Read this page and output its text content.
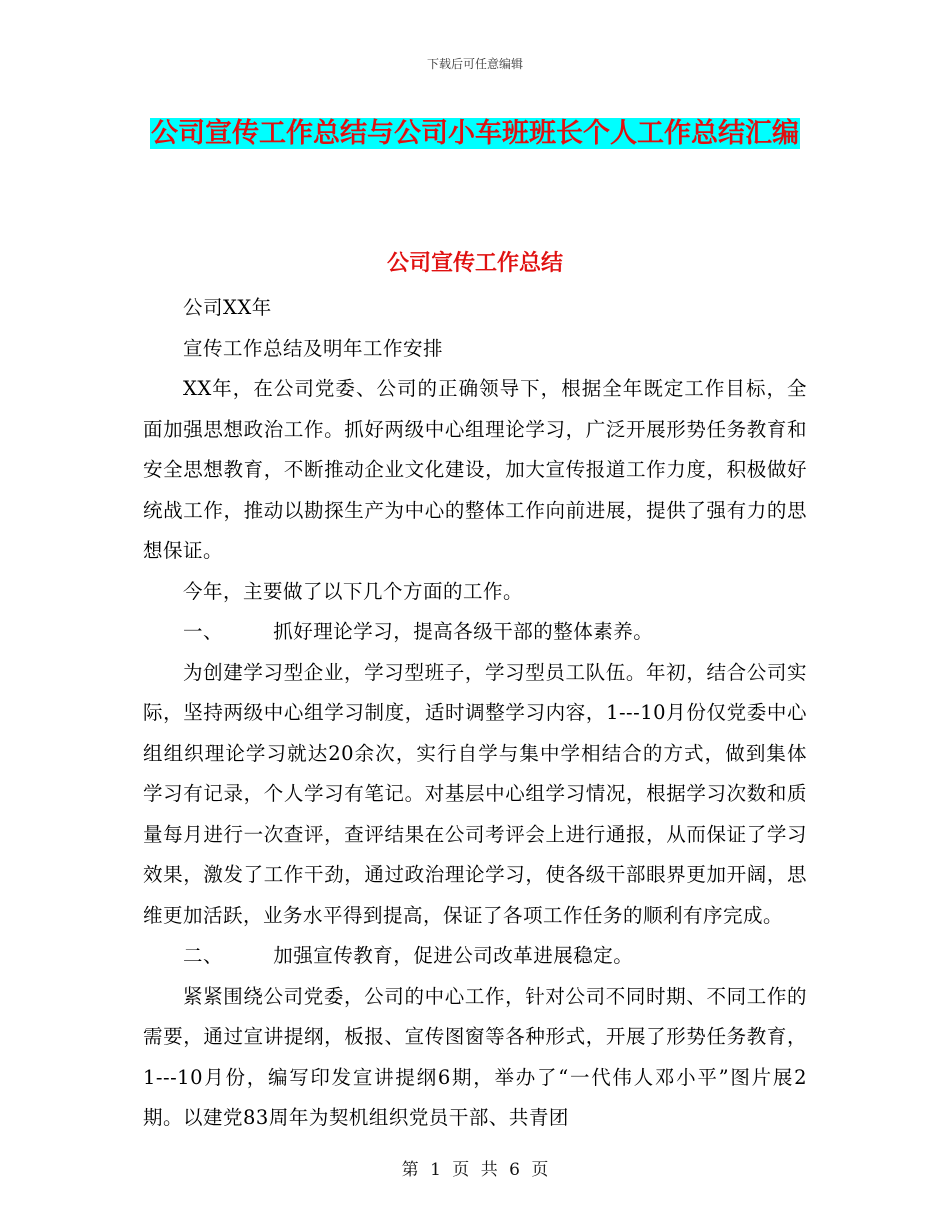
下载后可任意编辑
公司宣传工作总结与公司小车班班长个人工作总结汇编
公司宣传工作总结

公司XX年

宣传工作总结及明年工作安排

XX年，在公司党委、公司的正确领导下，根据全年既定工作目标，全面加强思想政治工作。抓好两级中心组理论学习，广泛开展形势任务教育和安全思想教育，不断推动企业文化建设，加大宣传报道工作力度，积极做好统战工作，推动以勘探生产为中心的整体工作向前进展，提供了强有力的思想保证。

今年，主要做了以下几个方面的工作。

一、　　　抓好理论学习，提高各级干部的整体素养。

为创建学习型企业，学习型班子，学习型员工队伍。年初，结合公司实际，坚持两级中心组学习制度，适时调整学习内容，1---10月份仅党委中心组组织理论学习就达20余次，实行自学与集中学相结合的方式，做到集体学习有记录，个人学习有笔记。对基层中心组学习情况，根据学习次数和质量每月进行一次查评，查评结果在公司考评会上进行通报，从而保证了学习效果，激发了工作干劲，通过政治理论学习，使各级干部眼界更加开阔，思维更加活跃，业务水平得到提高，保证了各项工作任务的顺利有序完成。

二、　　　加强宣传教育，促进公司改革进展稳定。

紧紧围绕公司党委，公司的中心工作，针对公司不同时期、不同工作的需要，通过宣讲提纲，板报、宣传图窗等各种形式，开展了形势任务教育，1---10月份，编写印发宣讲提纲6期，举办了“一代伟人邓小平”图片展2期。以建党83周年为契机组织党员干部、共青团

第 1 页 共 6 页
